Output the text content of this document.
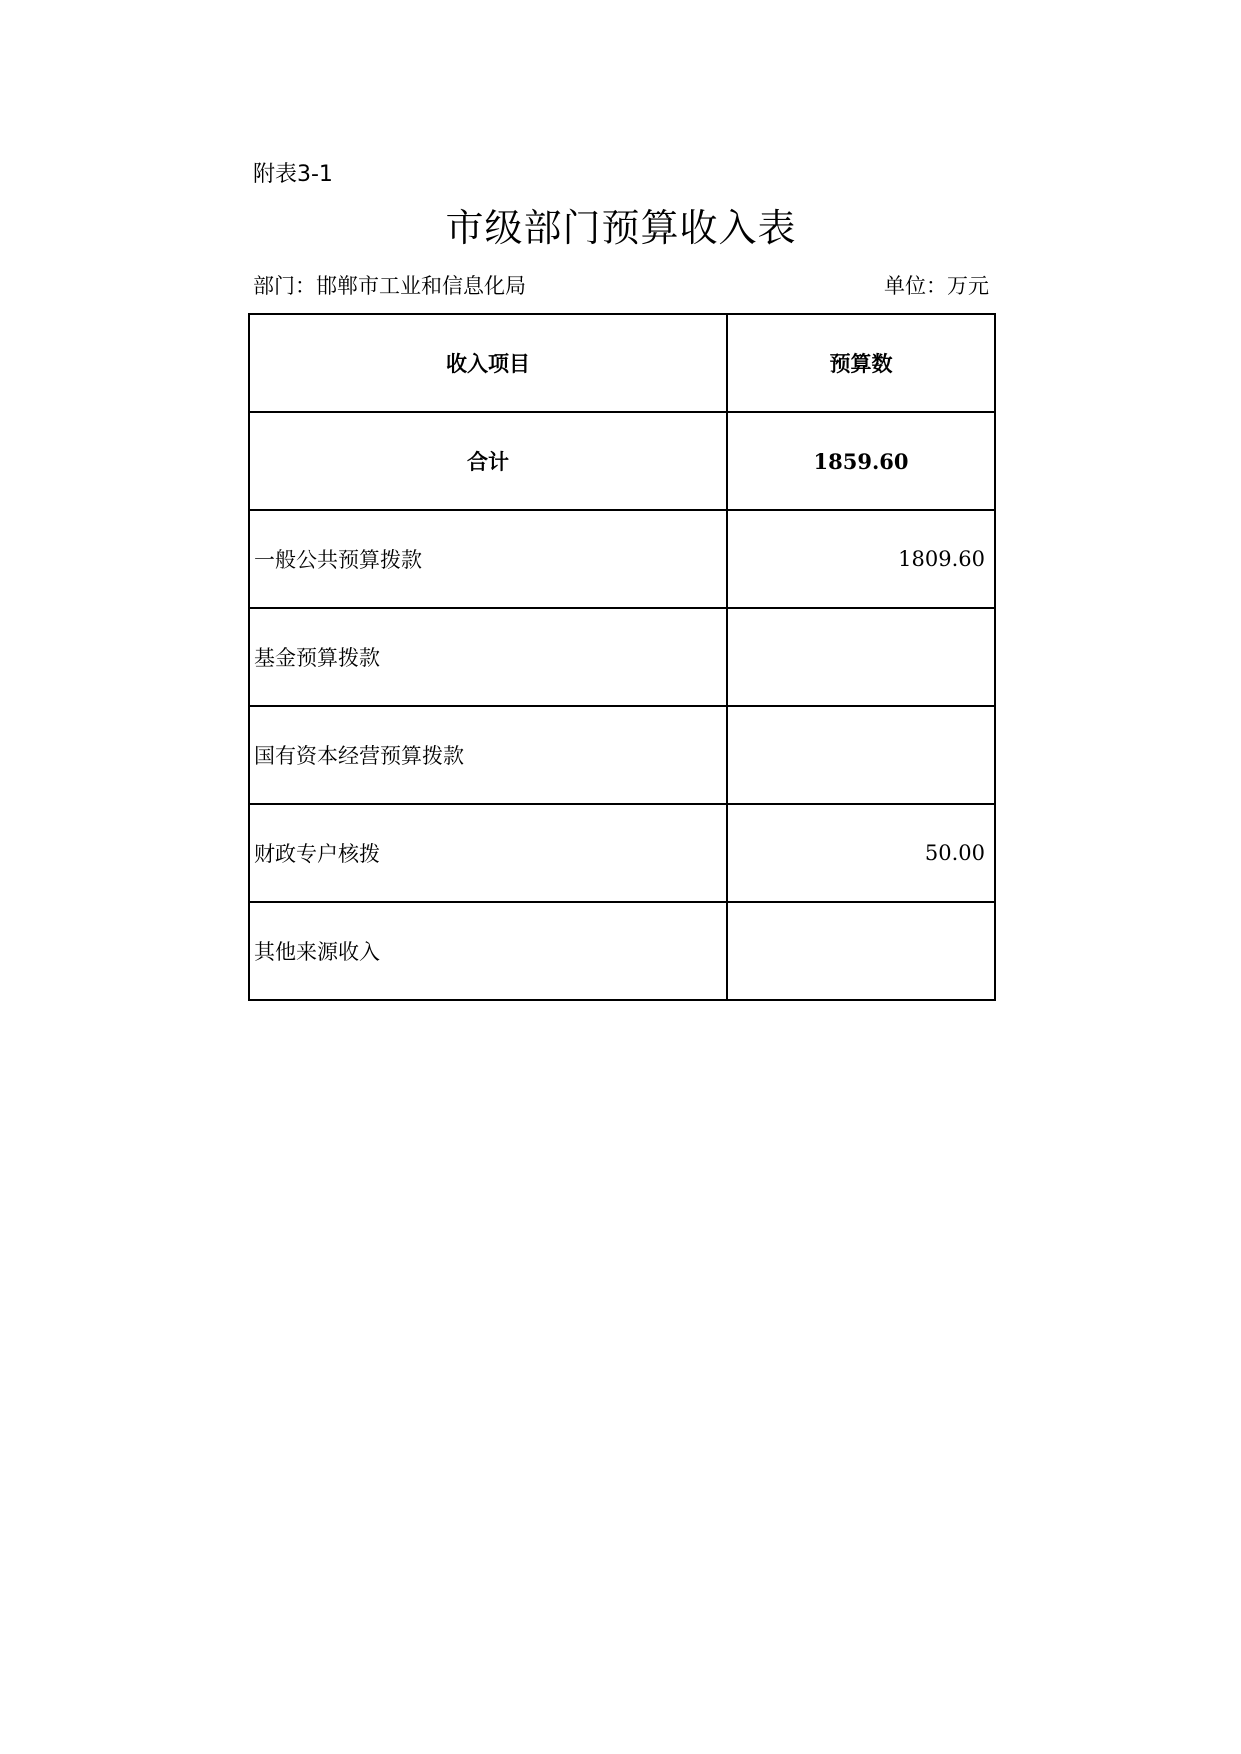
附表3-1
市级部门预算收入表
部门：邯郸市工业和信息化局	单位：万元
收入项目	预算数
合计	1859.60
一般公共预算拨款	1809.60
基金预算拨款	
国有资本经营预算拨款	
财政专户核拨	50.00
其他来源收入	
